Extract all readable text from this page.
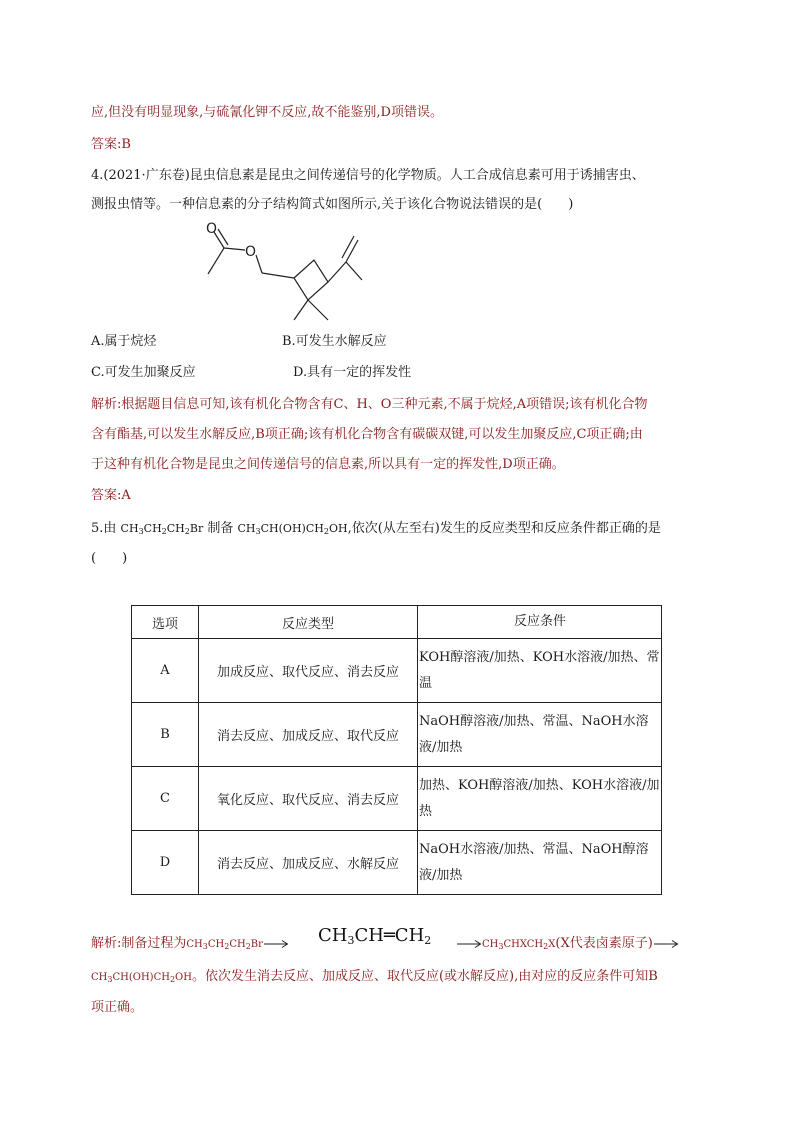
应,但没有明显现象,与硫氰化钾不反应,故不能鉴别,D项错误。
答案:B
4.(2021·广东卷)昆虫信息素是昆虫之间传递信号的化学物质。人工合成信息素可用于诱捕害虫、
测报虫情等。一种信息素的分子结构简式如图所示,关于该化合物说法错误的是(　　)
O
O
A.属于烷烃	B.可发生水解反应
C.可发生加聚反应	D.具有一定的挥发性
解析:根据题目信息可知,该有机化合物含有C、H、O三种元素,不属于烷烃,A项错误;该有机化合物
含有酯基,可以发生水解反应,B项正确;该有机化合物含有碳碳双键,可以发生加聚反应,C项正确;由
于这种有机化合物是昆虫之间传递信号的信息素,所以具有一定的挥发性,D项正确。
答案:A
5.由 $CH_3CH_2CH_2Br$ 制备 $CH_3CH(OH)CH_2OH$,依次(从左至右)发生的反应类型和反应条件都正确的是
(　　)
选项	反应类型	反应条件
A	加成反应、取代反应、消去反应	KOH醇溶液/加热、KOH水溶液/加热、常温
B	消去反应、加成反应、取代反应	NaOH醇溶液/加热、常温、NaOH水溶液/加热
C	氧化反应、取代反应、消去反应	加热、KOH醇溶液/加热、KOH水溶液/加热
D	消去反应、加成反应、水解反应	NaOH水溶液/加热、常温、NaOH醇溶液/加热
解析:制备过程为$CH_3CH_2CH_2Br$	CH3CH═CH2	$CH_3CHXCH_2X(X$代表卤素原子)
$CH_3CH(OH)CH_2OH$。依次发生消去反应、加成反应、取代反应(或水解反应),由对应的反应条件可知B
项正确。
